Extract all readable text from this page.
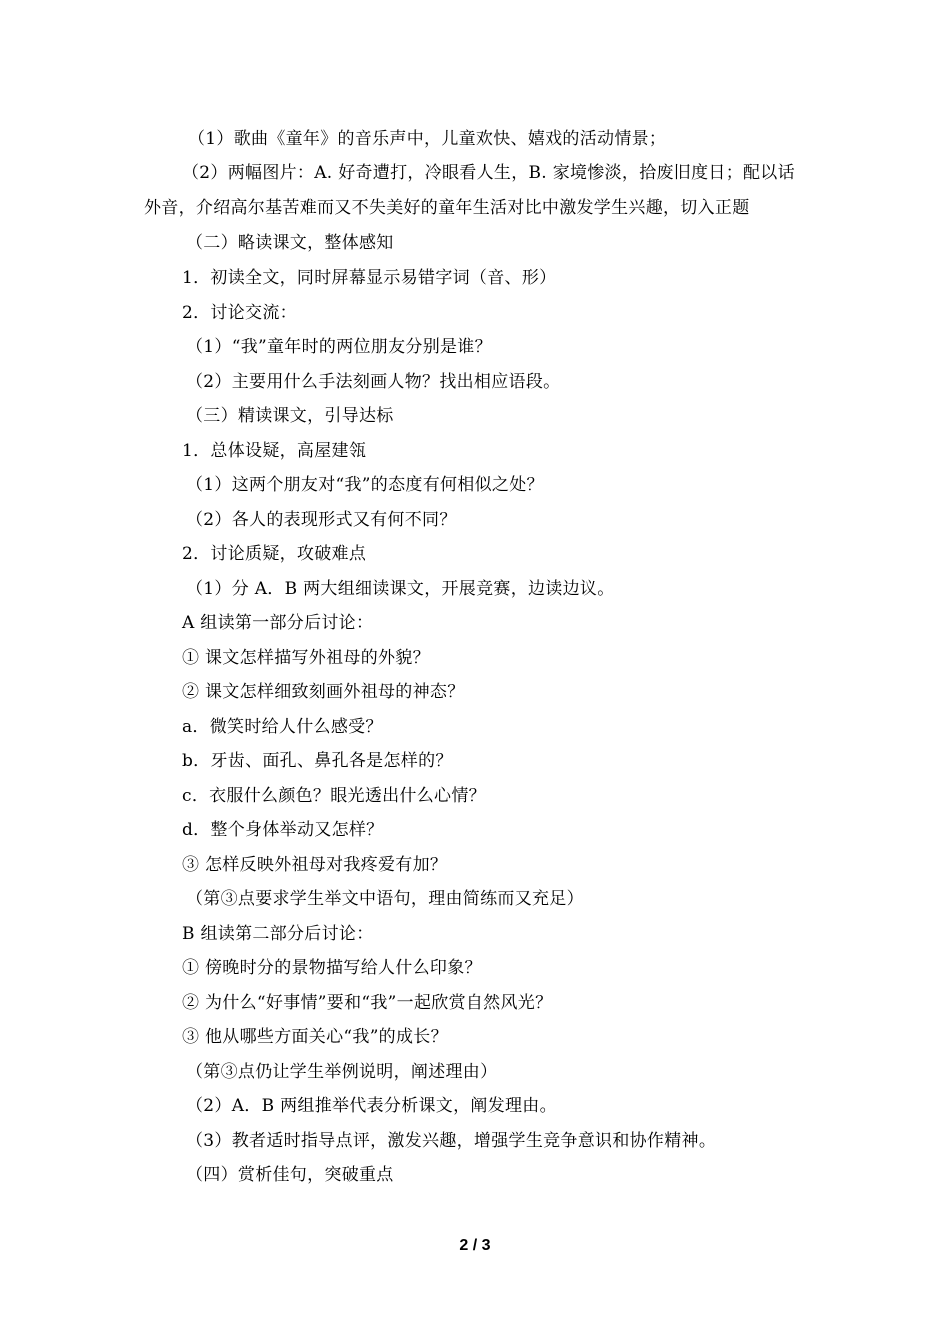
（1）歌曲《童年》的音乐声中，儿童欢快、嬉戏的活动情景；
（2）两幅图片：A. 好奇遭打，冷眼看人生，B. 家境惨淡，拾废旧度日；配以话
外音，介绍高尔基苦难而又不失美好的童年生活对比中激发学生兴趣，切入正题
（二）略读课文，整体感知
1．初读全文，同时屏幕显示易错字词（音、形）
2．讨论交流：
（1）“我”童年时的两位朋友分别是谁？
（2）主要用什么手法刻画人物？找出相应语段。
（三）精读课文，引导达标
1．总体设疑，高屋建瓴
（1）这两个朋友对“我”的态度有何相似之处？
（2）各人的表现形式又有何不同？
2．讨论质疑，攻破难点
（1）分 A．B 两大组细读课文，开展竞赛，边读边议。
A 组读第一部分后讨论：
① 课文怎样描写外祖母的外貌？
② 课文怎样细致刻画外祖母的神态？
a．微笑时给人什么感受？
b．牙齿、面孔、鼻孔各是怎样的？
c．衣服什么颜色？眼光透出什么心情？
d．整个身体举动又怎样？
③ 怎样反映外祖母对我疼爱有加？
（第③点要求学生举文中语句，理由简练而又充足）
B 组读第二部分后讨论：
① 傍晚时分的景物描写给人什么印象？
② 为什么“好事情”要和“我”一起欣赏自然风光？
③ 他从哪些方面关心“我”的成长？
（第③点仍让学生举例说明，阐述理由）
（2）A．B 两组推举代表分析课文，阐发理由。
（3）教者适时指导点评，激发兴趣，增强学生竞争意识和协作精神。
（四）赏析佳句，突破重点
2 / 3
